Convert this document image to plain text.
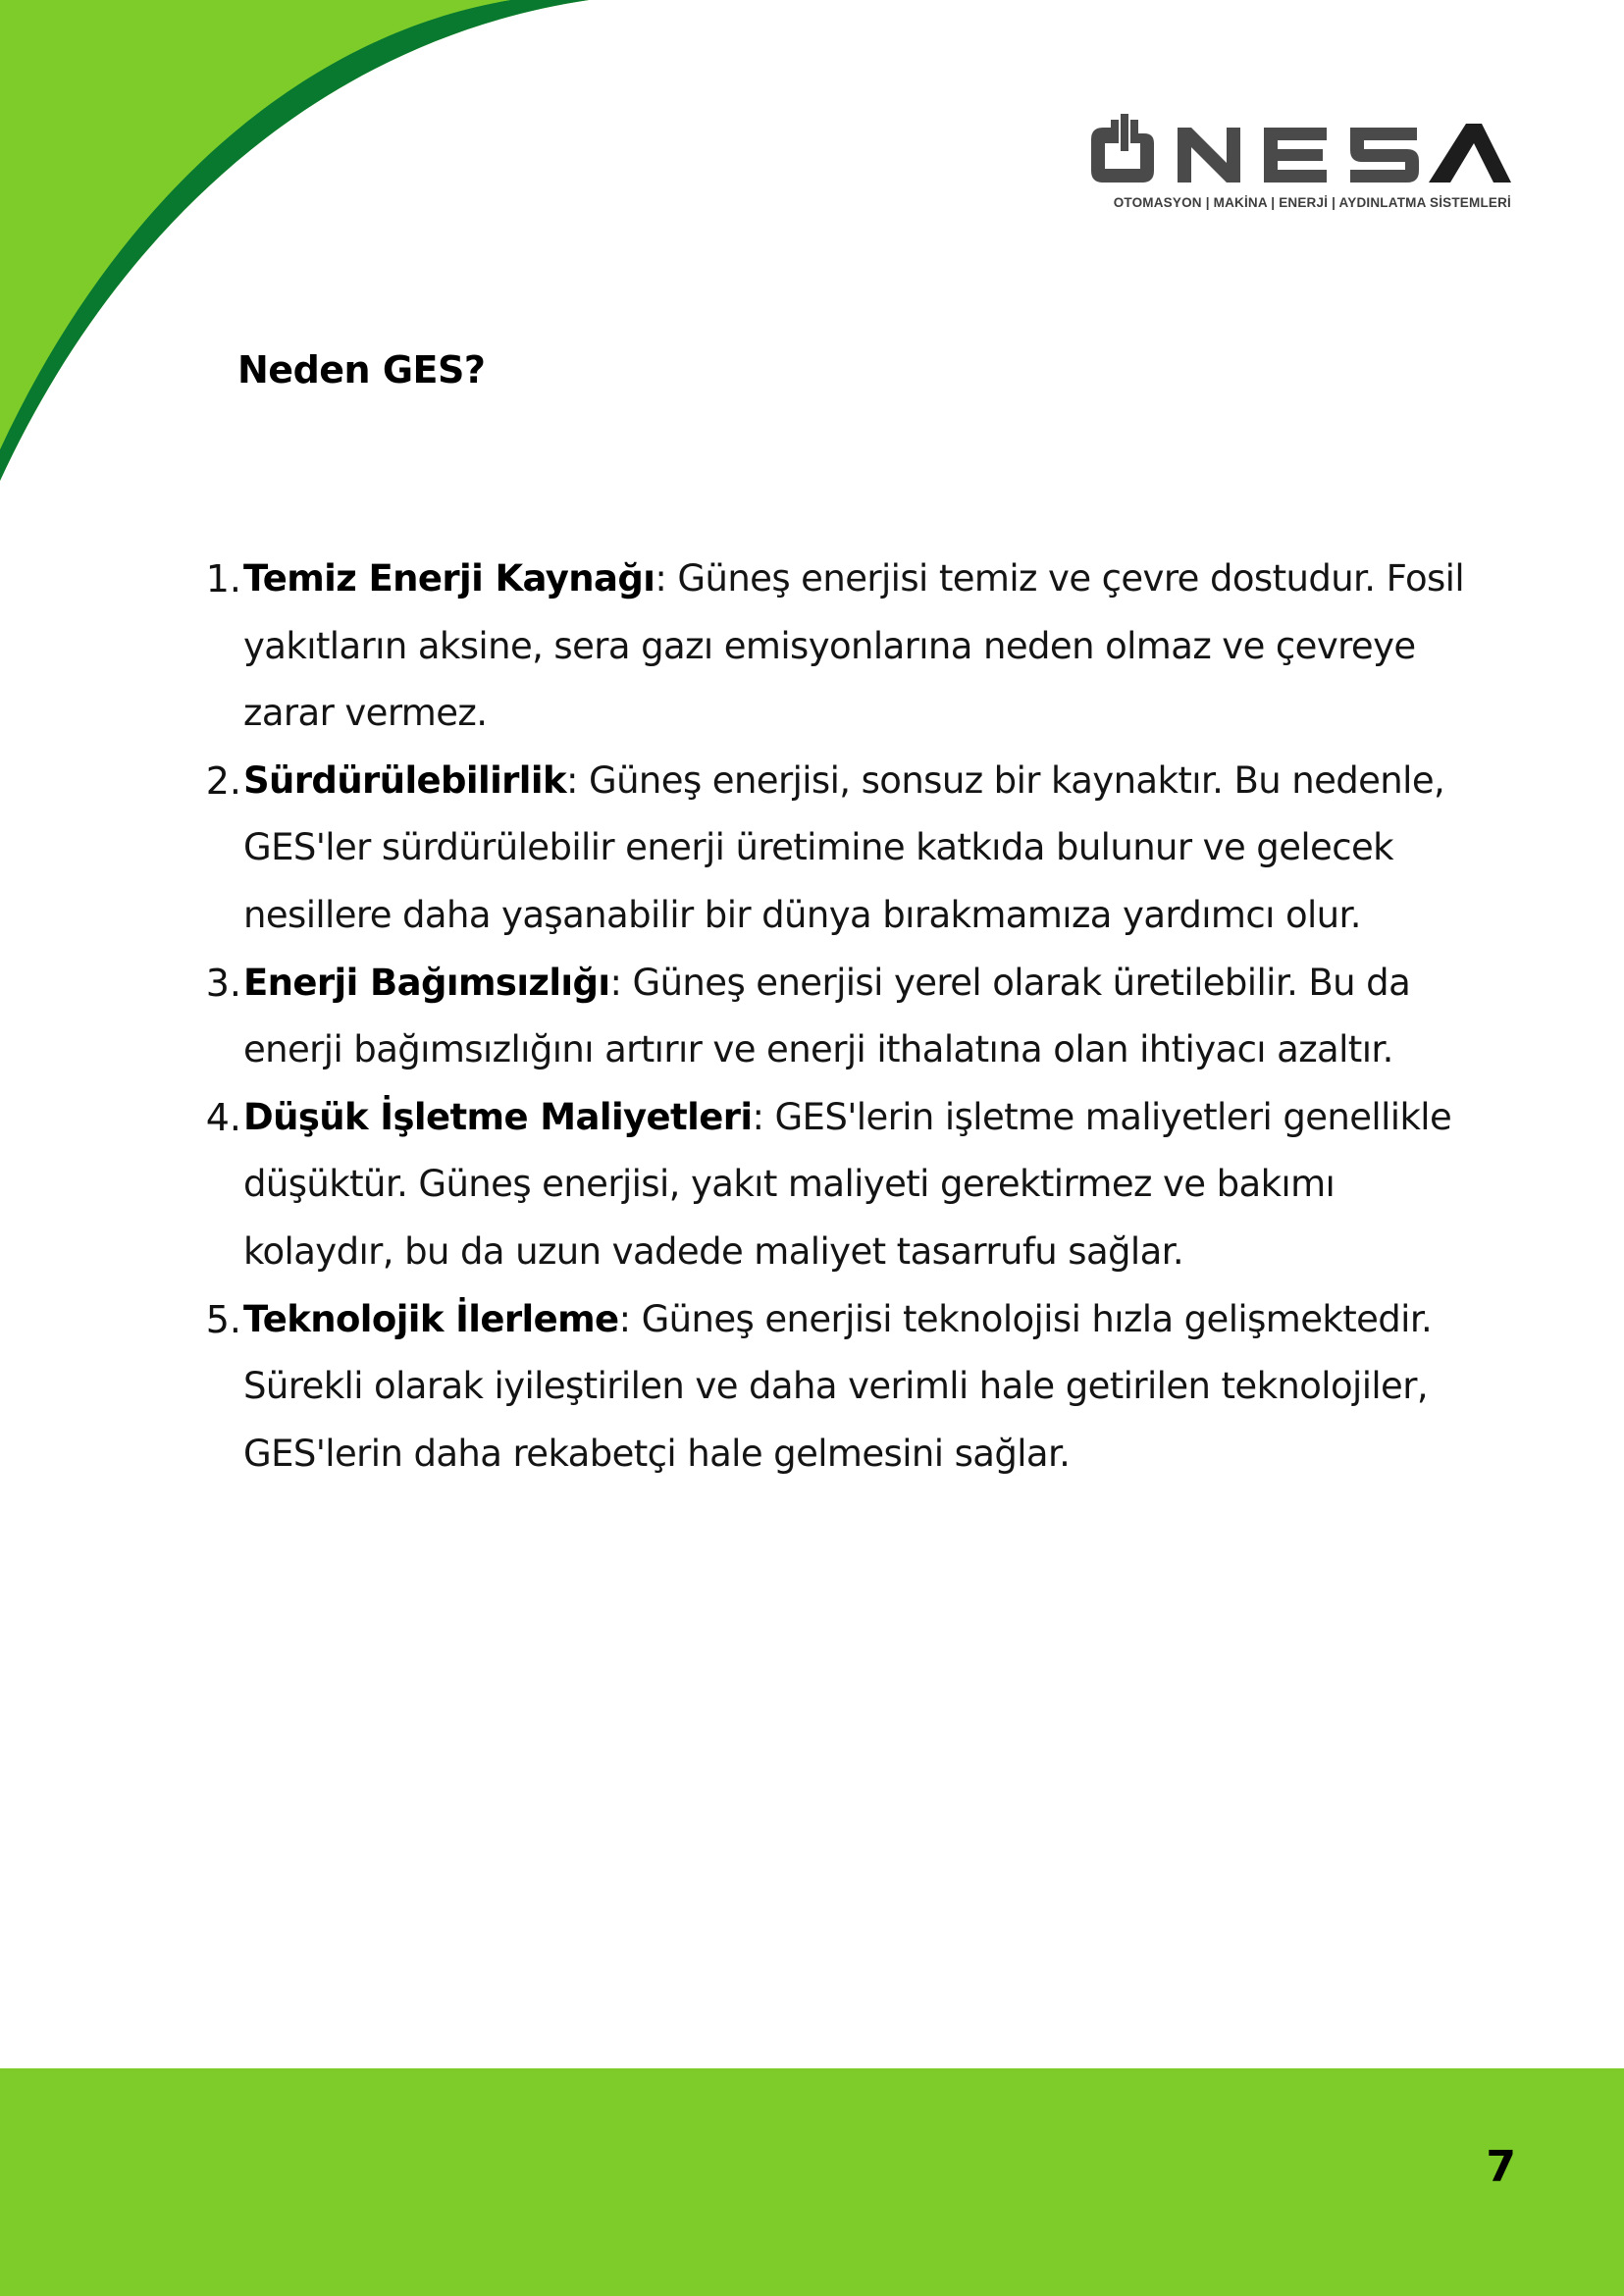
OTOMASYON | MAKİNA | ENERJİ | AYDINLATMA SİSTEMLERİ
Neden GES?
1. Temiz Enerji Kaynağı: Güneş enerjisi temiz ve çevre dostudur. Fosil yakıtların aksine, sera gazı emisyonlarına neden olmaz ve çevreye zarar vermez.
2. Sürdürülebilirlik: Güneş enerjisi, sonsuz bir kaynaktır. Bu nedenle, GES'ler sürdürülebilir enerji üretimine katkıda bulunur ve gelecek nesillere daha yaşanabilir bir dünya bırakmamıza yardımcı olur.
3. Enerji Bağımsızlığı: Güneş enerjisi yerel olarak üretilebilir. Bu da enerji bağımsızlığını artırır ve enerji ithalatına olan ihtiyacı azaltır.
4. Düşük İşletme Maliyetleri: GES'lerin işletme maliyetleri genellikle düşüktür. Güneş enerjisi, yakıt maliyeti gerektirmez ve bakımı kolaydır, bu da uzun vadede maliyet tasarrufu sağlar.
5. Teknolojik İlerleme: Güneş enerjisi teknolojisi hızla gelişmektedir. Sürekli olarak iyileştirilen ve daha verimli hale getirilen teknolojiler, GES'lerin daha rekabetçi hale gelmesini sağlar.
7
